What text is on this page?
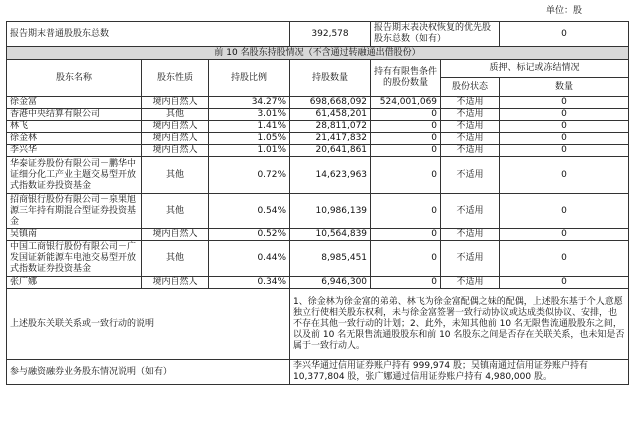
单位：股
报告期末普通股股东总数			392,578	报告期末表决权恢复的优先股股东总数（如有）		0
前 10 名股东持股情况（不含通过转融通出借股份）						
股东名称	股东性质	持股比例	持股数量	持有有限售条件的股份数量	质押、标记或冻结情况	
					股份状态	数量
徐金富	境内自然人	34.27%	698,668,092	524,001,069	不适用	0
香港中央结算有限公司	其他	3.01%	61,458,201	0	不适用	0
林飞	境内自然人	1.41%	28,811,072	0	不适用	0
徐金林	境内自然人	1.05%	21,417,832	0	不适用	0
李兴华	境内自然人	1.01%	20,641,861	0	不适用	0
华泰证券股份有限公司－鹏华中证细分化工产业主题交易型开放式指数证券投资基金	其他	0.72%	14,623,963	0	不适用	0
招商银行股份有限公司－泉果旭源三年持有期混合型证券投资基金	其他	0.54%	10,986,139	0	不适用	0
吴镇南	境内自然人	0.52%	10,564,839	0	不适用	0
中国工商银行股份有限公司－广发国证新能源车电池交易型开放式指数证券投资基金	其他	0.44%	8,985,451	0	不适用	0
张广娜	境内自然人	0.34%	6,946,300	0	不适用	0
上述股东关联关系或一致行动的说明			1、徐金林为徐金富的弟弟、林飞为徐金富配偶之妹的配偶，上述股东基于个人意愿独立行使相关股东权利，未与徐金富签署一致行动协议或达成类似协议、安排，也不存在其他一致行动的计划；2、此外，未知其他前 10 名无限售流通股股东之间，以及前 10 名无限售流通股股东和前 10 名股东之间是否存在关联关系，也未知是否属于一致行动人。			
参与融资融券业务股东情况说明（如有）			李兴华通过信用证券账户持有 999,974 股；吴镇南通过信用证券账户持有10,377,804 股，张广娜通过信用证券账户持有 4,980,000 股。			
